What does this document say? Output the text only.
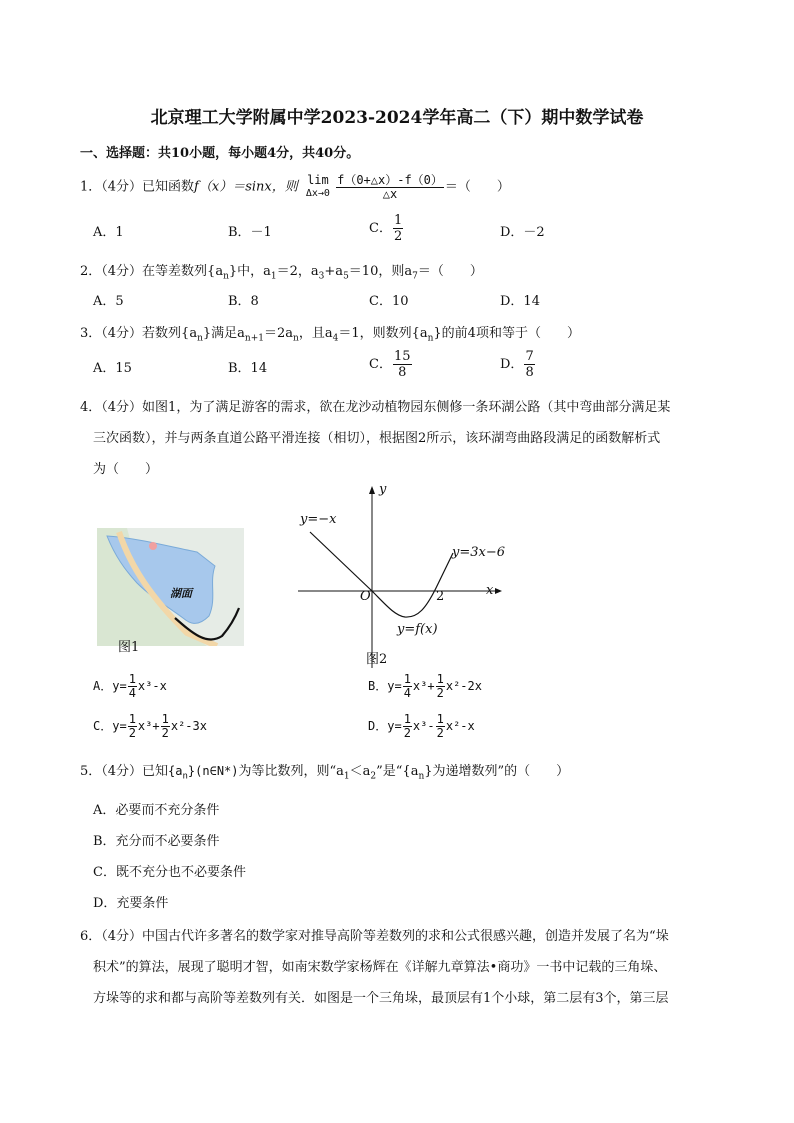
北京理工大学附属中学2023-2024学年高二（下）期中数学试卷
一、选择题：共10小题，每小题4分，共40分。
1．（4分）已知函数f（x）＝sinx，则 lim
Δx→0
$\frac{f(0+\triangle x)-f(0)}{\triangle x}$ ＝（　　）
A．1	B．－1	C． $\frac{1}{2}$	D．－2
2．（4分）在等差数列$\{a_n\}$中，$a_1=2$，$a_3+a_5=10$，则$a_7=$（　　）
A．5	B．8	C．10	D．14
3．（4分）若数列$\{a_n\}$满足$a_{n+1}=2a_n$，且$a_4=1$，则数列$\{a_n\}$的前4项和等于（　　）
A．15	B．14	C． $\frac{15}{8}$	D． $\frac{7}{8}$
4．（4分）如图1，为了满足游客的需求，欲在龙沙动植物园东侧修一条环湖公路（其中弯曲部分满足某
三次函数），并与两条直道公路平滑连接（相切），根据图2所示，该环湖弯曲路段满足的函数解析式
为（　　）
湖面
图1
y
x
O	2
y=−x
y=3x−6
y=f(x)
图2
A．$y= \frac{1}{4} x^3-x$	B．$y= \frac{1}{4} x^3+ \frac{1}{2} x^2-2x$
C．$y= \frac{1}{2} x^3+ \frac{1}{2} x^2-3x$	D．$y= \frac{1}{2} x^3- \frac{1}{2} x^2-x$
5．（4分）已知$\{a_n\}(n\in N*)$为等比数列，则“$a_1<a_2$”是“$\{a_n\}$为递增数列”的（　　）
A．必要而不充分条件
B．充分而不必要条件
C．既不充分也不必要条件
D．充要条件
6．（4分）中国古代许多著名的数学家对推导高阶等差数列的求和公式很感兴趣，创造并发展了名为“垛
积术”的算法，展现了聪明才智，如南宋数学家杨辉在《详解九章算法•商功》一书中记载的三角垛、
方垛等的求和都与高阶等差数列有关．如图是一个三角垛，最顶层有1个小球，第二层有3个，第三层
